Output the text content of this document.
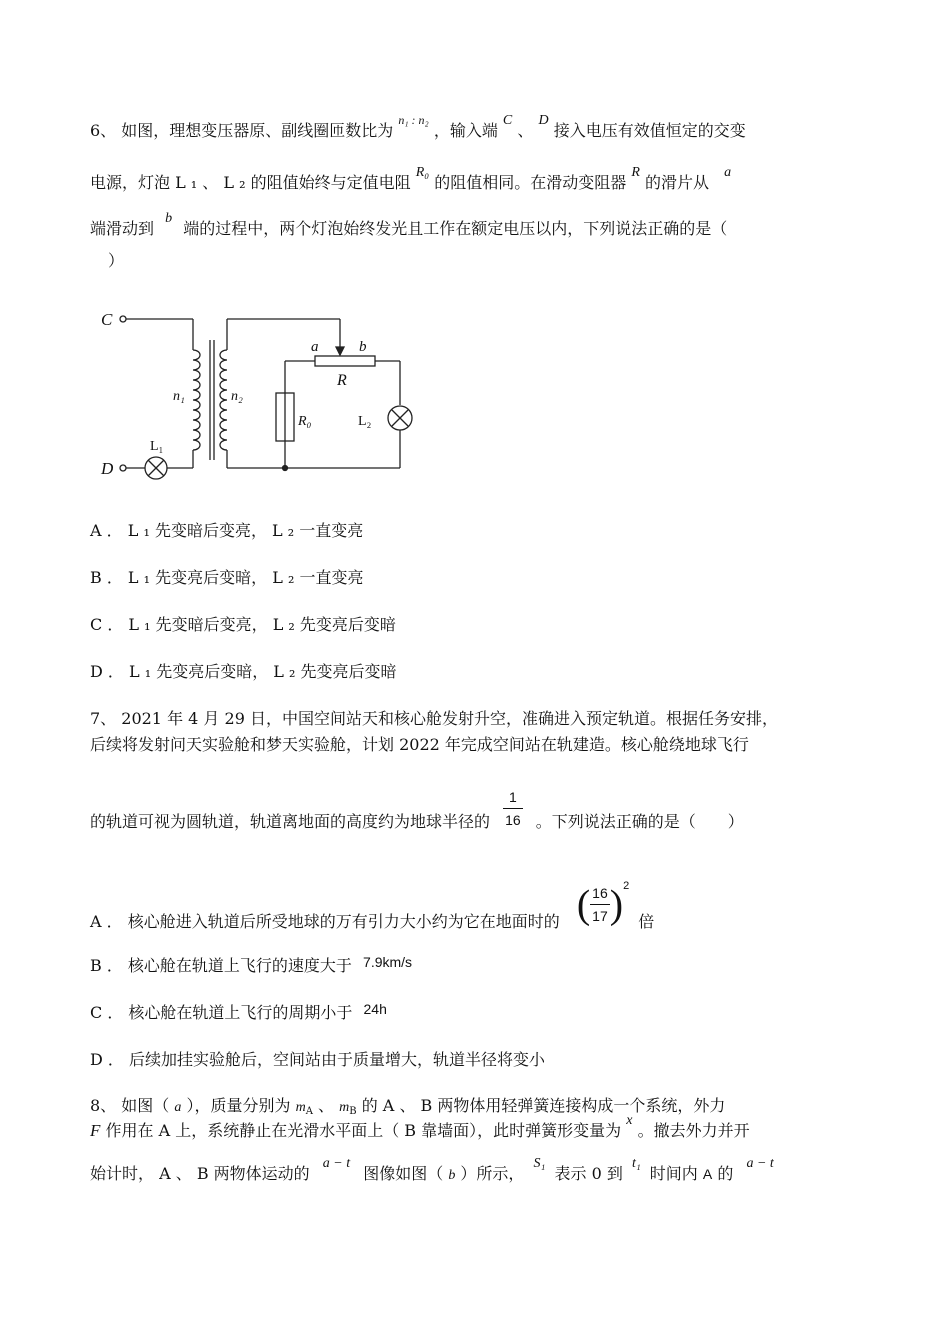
6、 如图，理想变压器原、副线圈匝数比为 $^{n_1 : n_2}$ ，输入端 C 、 D 接入电压有效值恒定的交变
电源，灯泡 L ₁ 、 L ₂ 的阻值始终与定值电阻 R₀ 的阻值相同。在滑动变阻器 R 的滑片从 a
端滑动到 b 端的过程中，两个灯泡始终发光且工作在额定电压以内，下列说法正确的是（
）
C
D
n₁	n₂
a	b
R
R₀
L₁
L₂
A ． L ₁ 先变暗后变亮， L ₂ 一直变亮
B ． L ₁ 先变亮后变暗， L ₂ 一直变亮
C ． L ₁ 先变暗后变亮， L ₂ 先变亮后变暗
D ． L ₁ 先变亮后变暗， L ₂ 先变亮后变暗
7、 2021 年 4 月 29 日，中国空间站天和核心舱发射升空，准确进入预定轨道。根据任务安排，
后续将发射问天实验舱和梦天实验舱，计划 2022 年完成空间站在轨建造。核心舱绕地球飞行
的轨道可视为圆轨道，轨道离地面的高度约为地球半径的 $\frac{1}{16}$ 。下列说法正确的是（　　）
A ． 核心舱进入轨道后所受地球的万有引力大小约为它在地面时的 ( $\frac{16}{17} )^2$ 倍
B ． 核心舱在轨道上飞行的速度大于 7.9km/s
C ． 核心舱在轨道上飞行的周期小于 24h
D ． 后续加挂实验舱后，空间站由于质量增大，轨道半径将变小
8、 如图（ a ），质量分别为 mA 、 mB 的 A 、 B 两物体用轻弹簧连接构成一个系统，外力
F 作用在 A 上，系统静止在光滑水平面上（ B 靠墙面），此时弹簧形变量为 x 。撤去外力并开
始计时， A 、 B 两物体运动的 a − t 图像如图（ b ）所示， S₁ 表示 0 到 t₁ 时间内 A 的 a − t
